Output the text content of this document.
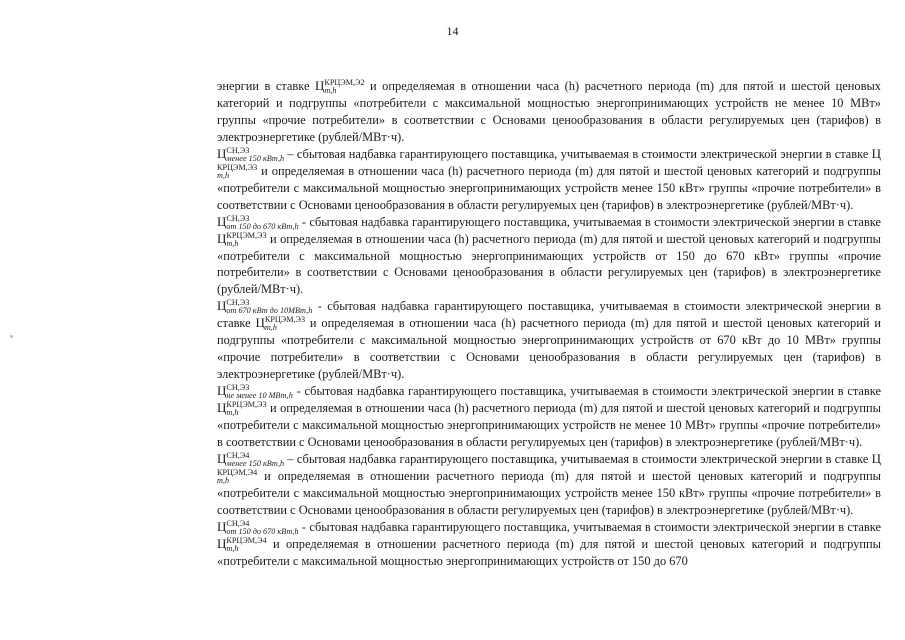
14

энергии в ставке Ц КРЦЭМ,Э2
m,h	и определяемая в отношении часа (h) расчетного периода (m) для пятой и шестой ценовых категорий и подгруппы «потребители с максимальной мощностью энергопринимающих устройств не менее 10 МВт» группы «прочие потребители» в соответствии с Основами ценообразования в области регулируемых цен (тарифов) в электроэнергетике (рублей/МВт·ч).

Ц СН,Э3
менее 150 кВт,h – сбытовая надбавка гарантирующего поставщика, учитываемая в стоимости электрической энергии в ставке Ц
КРЦЭМ,Э3
m,h	и определяемая в отношении часа (h) расчетного периода (m) для пятой и шестой ценовых категорий и подгруппы «потребители с максимальной мощностью энергопринимающих устройств менее 150 кВт» группы «прочие потребители» в соответствии с Основами ценообразования в области регулируемых цен (тарифов) в электроэнергетике (рублей/МВт·ч).

Ц СН,Э3
от 150 до 670 кВт,h - сбытовая надбавка гарантирующего поставщика, учитываемая в стоимости электрической энергии в ставке Ц КРЦЭМ,Э3
m,h	и определяемая в отношении часа (h) расчетного периода (m) для пятой и шестой ценовых категорий и подгруппы «потребители с максимальной мощностью энергопринимающих устройств от 150 до 670 кВт» группы «прочие потребители» в соответствии с Основами ценообразования в области регулируемых цен (тарифов) в электроэнергетике (рублей/МВт·ч).

Ц СН,Э3
от 670 кВт до 10МВт,h - сбытовая надбавка гарантирующего поставщика, учитываемая в стоимости электрической энергии в ставке Ц КРЦЭМ,Э3
m,h	и определяемая в отношении часа (h) расчетного периода (m) для пятой и шестой ценовых категорий и подгруппы «потребители с максимальной мощностью энергопринимающих устройств от 670 кВт до 10 МВт» группы «прочие потребители» в соответствии с Основами ценообразования в области регулируемых цен (тарифов) в электроэнергетике (рублей/МВт·ч).

Ц СН,Э3
не менее 10 МВт,h - сбытовая надбавка гарантирующего поставщика, учитываемая в стоимости электрической энергии в ставке Ц КРЦЭМ,Э3
m,h	и определяемая в отношении часа (h) расчетного периода (m) для пятой и шестой ценовых категорий и подгруппы «потребители с максимальной мощностью энергопринимающих устройств не менее 10 МВт» группы «прочие потребители» в соответствии с Основами ценообразования в области регулируемых цен (тарифов) в электроэнергетике (рублей/МВт·ч).

Ц СН,Э4
менее 150 кВт,h – сбытовая надбавка гарантирующего поставщика, учитываемая в стоимости электрической энергии в ставке Ц
КРЦЭМ,Э4
m,h	и определяемая в отношении расчетного периода (m) для пятой и шестой ценовых категорий и подгруппы «потребители с максимальной мощностью энергопринимающих устройств менее 150 кВт» группы «прочие потребители» в соответствии с Основами ценообразования в области регулируемых цен (тарифов) в электроэнергетике (рублей/МВт·ч).

Ц СН,Э4
от 150 до 670 кВт,h - сбытовая надбавка гарантирующего поставщика, учитываемая в стоимости электрической энергии в ставке Ц КРЦЭМ,Э4
m,h	и определяемая в отношении расчетного периода (m) для пятой и шестой ценовых категорий и подгруппы «потребители с максимальной мощностью энергопринимающих устройств от 150 до 670
